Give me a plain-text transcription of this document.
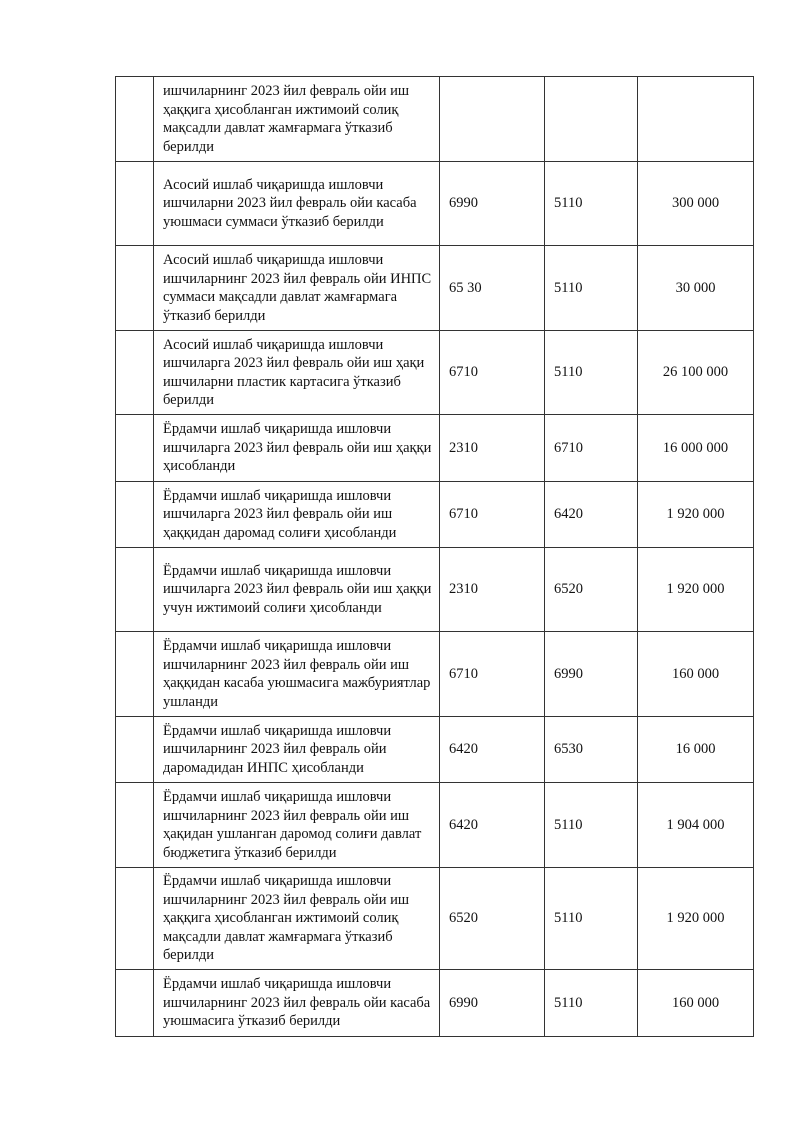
	ишчиларнинг 2023 йил февраль ойи иш ҳаққига ҳисобланган ижтимоий солиқ мақсадли давлат жамғармага ўтказиб берилди			
	Асосий ишлаб чиқаришда ишловчи ишчиларни 2023 йил февраль ойи касаба уюшмаси суммаси ўтказиб берилди	6990	5110	300 000
	Асосий ишлаб чиқаришда ишловчи ишчиларнинг 2023 йил февраль ойи ИНПС суммаси мақсадли давлат жамғармага ўтказиб берилди	65 30	5110	30 000
	Асосий ишлаб чиқаришда ишловчи ишчиларга 2023 йил февраль ойи иш ҳақи ишчиларни пластик картасига ўтказиб берилди	6710	5110	26 100 000
	Ёрдамчи ишлаб чиқаришда ишловчи ишчиларга 2023 йил февраль ойи иш ҳаққи ҳисобланди	2310	6710	16 000 000
	Ёрдамчи ишлаб чиқаришда ишловчи ишчиларга 2023 йил февраль ойи иш ҳаққидан даромад солиғи ҳисобланди	6710	6420	1 920 000
	Ёрдамчи ишлаб чиқаришда ишловчи ишчиларга 2023 йил февраль ойи иш ҳаққи учун ижтимоий солиғи ҳисобланди	2310	6520	1 920 000
	Ёрдамчи ишлаб чиқаришда ишловчи ишчиларнинг 2023 йил февраль ойи иш ҳаққидан касаба уюшмасига мажбуриятлар ушланди	6710	6990	160 000
	Ёрдамчи ишлаб чиқаришда ишловчи ишчиларнинг 2023 йил февраль ойи даромадидан ИНПС ҳисобланди	6420	6530	16 000
	Ёрдамчи ишлаб чиқаришда ишловчи ишчиларнинг 2023 йил февраль ойи иш ҳақидан ушланган даромод солиғи давлат бюджетига ўтказиб берилди	6420	5110	1 904 000
	Ёрдамчи ишлаб чиқаришда ишловчи ишчиларнинг 2023 йил февраль ойи иш ҳаққига ҳисобланган ижтимоий солиқ мақсадли давлат жамғармага ўтказиб берилди	6520	5110	1 920 000
	Ёрдамчи ишлаб чиқаришда ишловчи ишчиларнинг 2023 йил февраль ойи касаба уюшмасига ўтказиб берилди	6990	5110	160 000
